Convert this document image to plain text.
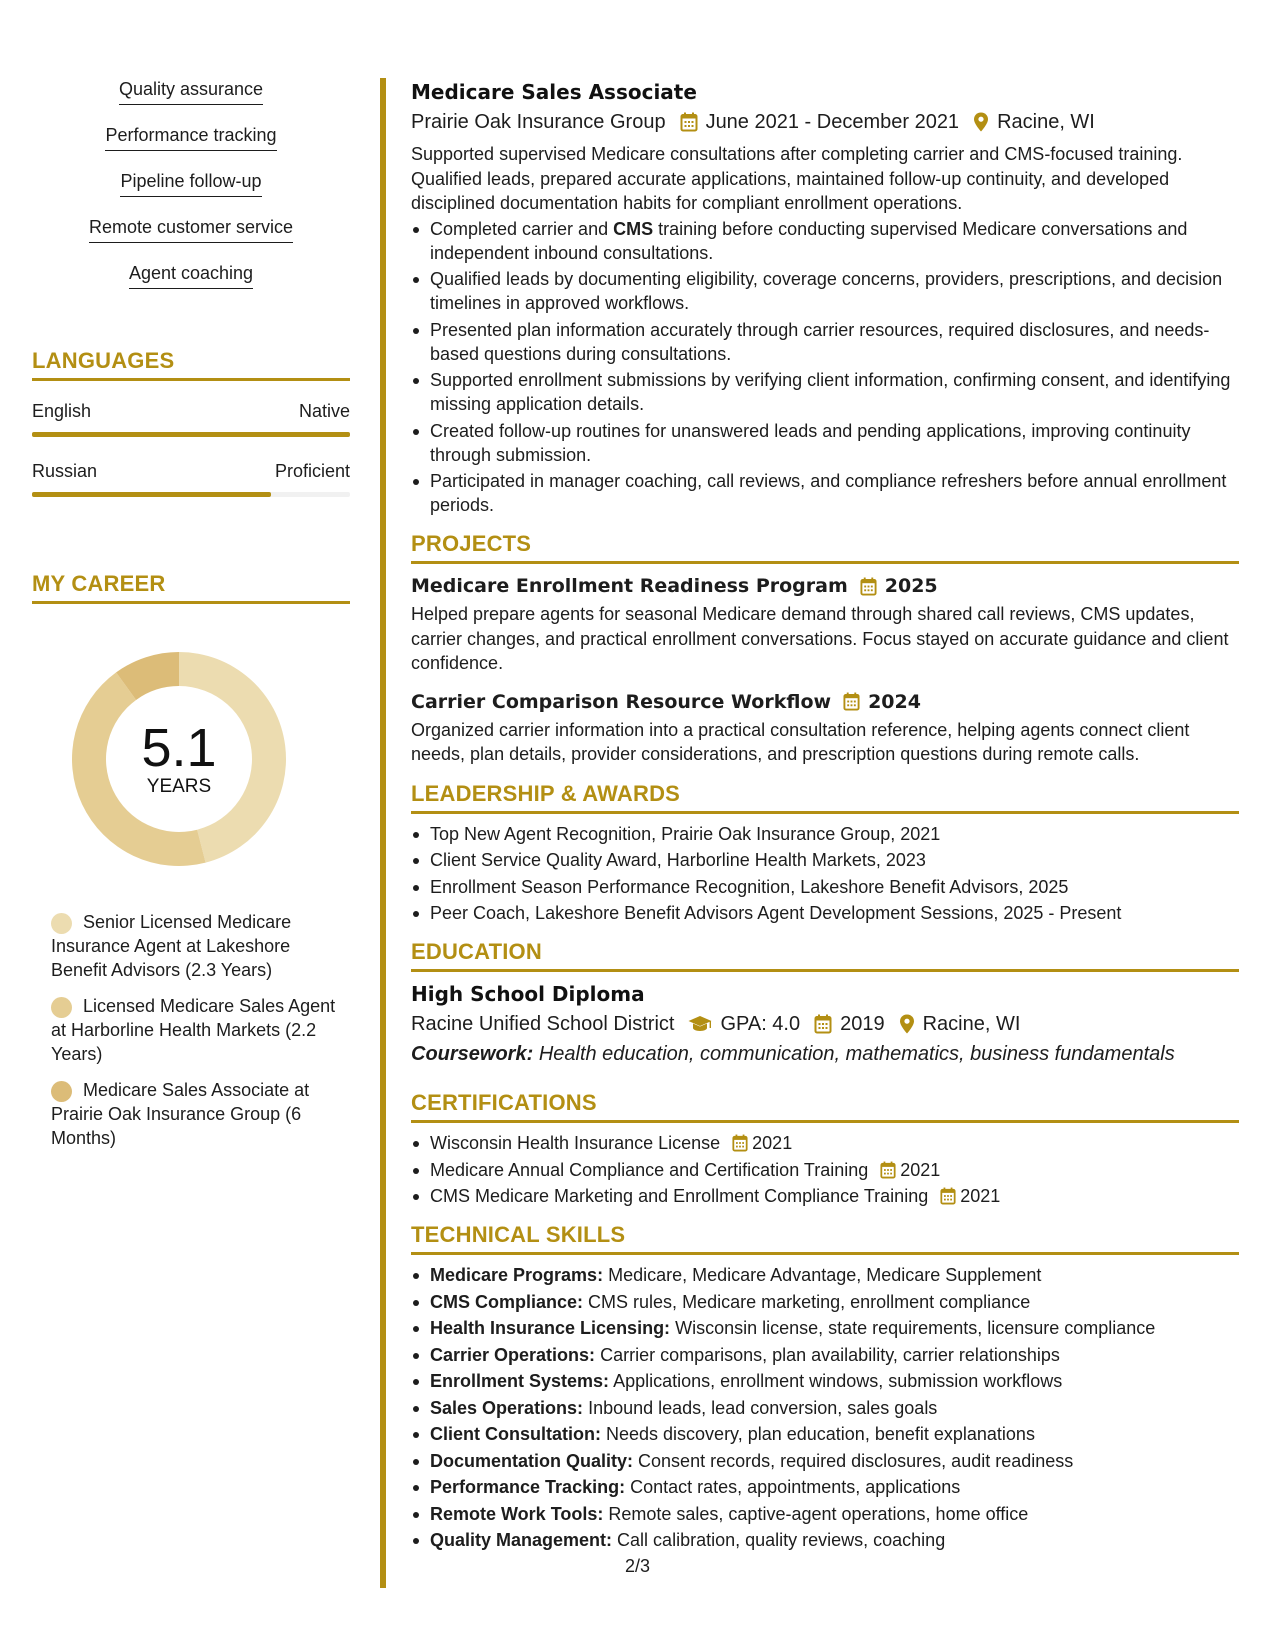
Quality assurance
Performance tracking
Pipeline follow-up
Remote customer service
Agent coaching
LANGUAGES
English	Native
Russian	Proficient
MY CAREER
5.1
YEARS
Senior Licensed Medicare Insurance Agent at Lakeshore Benefit Advisors (2.3 Years)
Licensed Medicare Sales Agent at Harborline Health Markets (2.2 Years)
Medicare Sales Associate at Prairie Oak Insurance Group (6 Months)
Medicare Sales Associate
Prairie Oak Insurance Group June 2021 - December 2021 Racine, WI
Supported supervised Medicare consultations after completing carrier and CMS-focused training. Qualified leads, prepared accurate applications, maintained follow-up continuity, and developed disciplined documentation habits for compliant enrollment operations.
Completed carrier and CMS training before conducting supervised Medicare conversations and independent inbound consultations.
Qualified leads by documenting eligibility, coverage concerns, providers, prescriptions, and decision timelines in approved workflows.
Presented plan information accurately through carrier resources, required disclosures, and needs-based questions during consultations.
Supported enrollment submissions by verifying client information, confirming consent, and identifying missing application details.
Created follow-up routines for unanswered leads and pending applications, improving continuity through submission.
Participated in manager coaching, call reviews, and compliance refreshers before annual enrollment periods.
PROJECTS
Medicare Enrollment Readiness Program 2025
Helped prepare agents for seasonal Medicare demand through shared call reviews, CMS updates, carrier changes, and practical enrollment conversations. Focus stayed on accurate guidance and client confidence.
Carrier Comparison Resource Workflow 2024
Organized carrier information into a practical consultation reference, helping agents connect client needs, plan details, provider considerations, and prescription questions during remote calls.
LEADERSHIP & AWARDS
Top New Agent Recognition, Prairie Oak Insurance Group, 2021
Client Service Quality Award, Harborline Health Markets, 2023
Enrollment Season Performance Recognition, Lakeshore Benefit Advisors, 2025
Peer Coach, Lakeshore Benefit Advisors Agent Development Sessions, 2025 - Present
EDUCATION
High School Diploma
Racine Unified School District GPA: 4.0 2019 Racine, WI
Coursework: Health education, communication, mathematics, business fundamentals
CERTIFICATIONS
Wisconsin Health Insurance License 2021
Medicare Annual Compliance and Certification Training 2021
CMS Medicare Marketing and Enrollment Compliance Training 2021
TECHNICAL SKILLS
Medicare Programs: Medicare, Medicare Advantage, Medicare Supplement
CMS Compliance: CMS rules, Medicare marketing, enrollment compliance
Health Insurance Licensing: Wisconsin license, state requirements, licensure compliance
Carrier Operations: Carrier comparisons, plan availability, carrier relationships
Enrollment Systems: Applications, enrollment windows, submission workflows
Sales Operations: Inbound leads, lead conversion, sales goals
Client Consultation: Needs discovery, plan education, benefit explanations
Documentation Quality: Consent records, required disclosures, audit readiness
Performance Tracking: Contact rates, appointments, applications
Remote Work Tools: Remote sales, captive-agent operations, home office
Quality Management: Call calibration, quality reviews, coaching
2/3
